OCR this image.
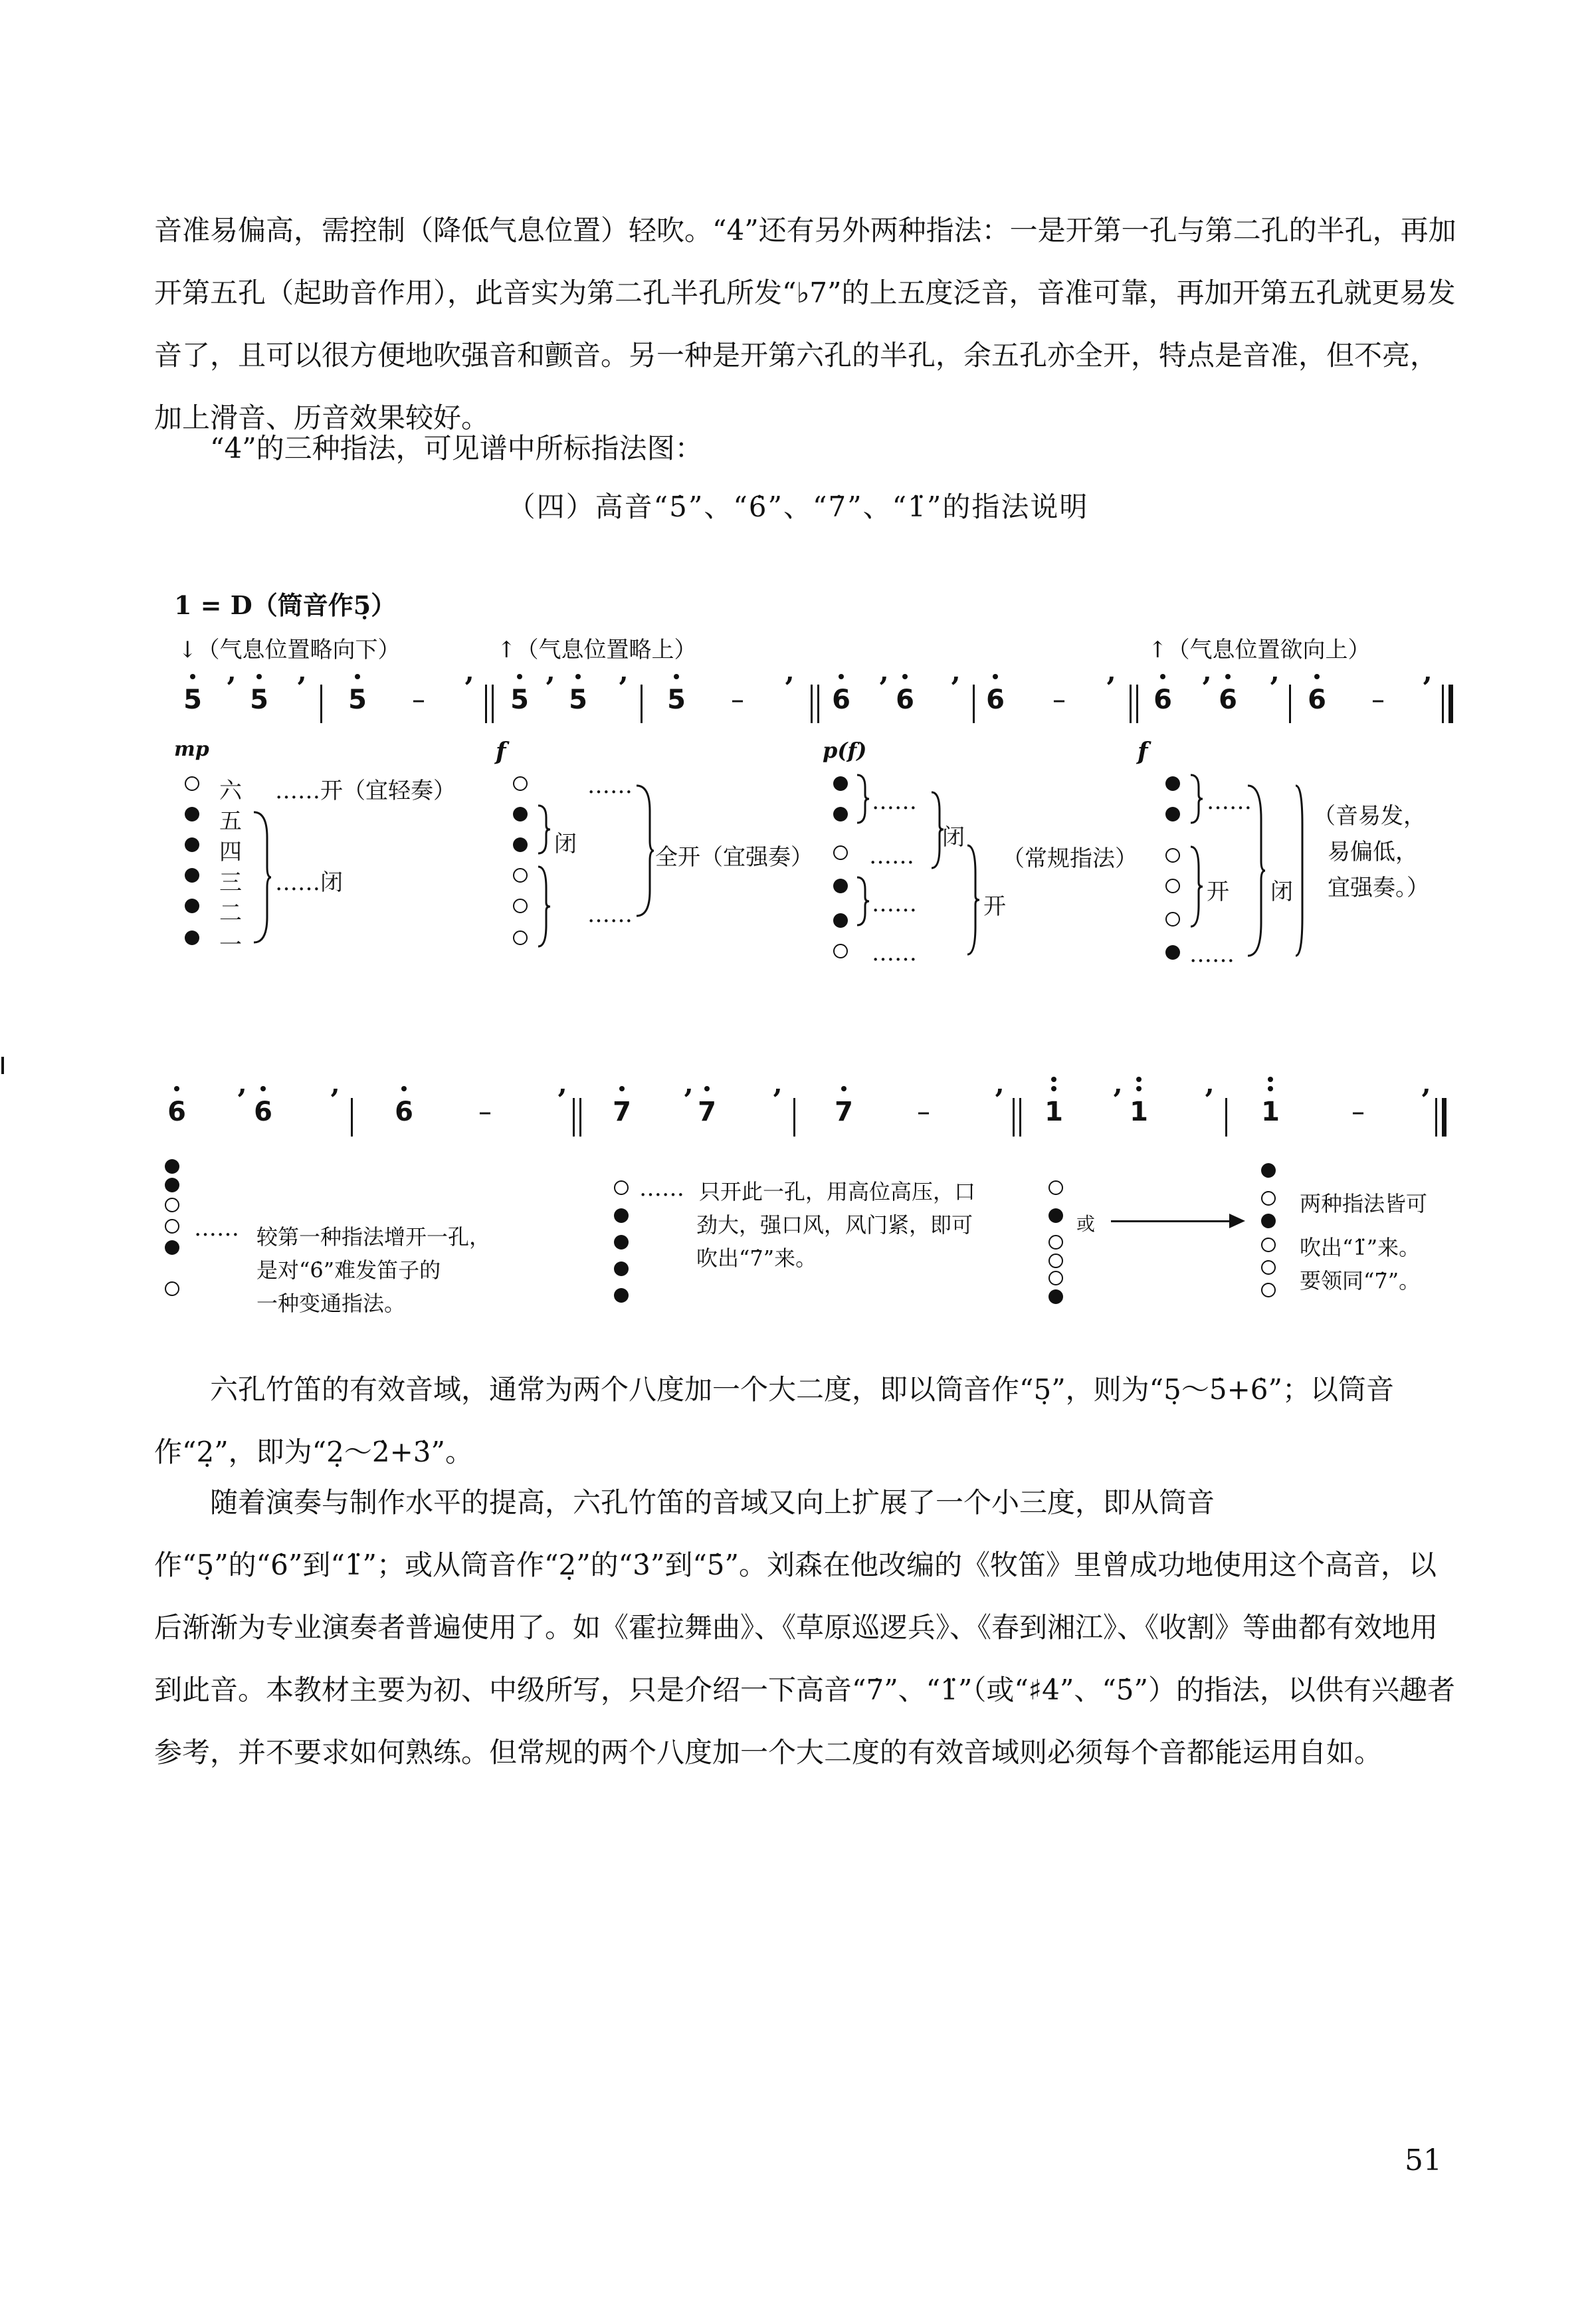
音准易偏高，需控制（降低气息位置）轻吹。“4̇”还有另外两种指法：一是开第一孔与第二孔的半孔，再加开第五孔（起助音作用），此音实为第二孔半孔所发“♭7”的上五度泛音，音准可靠，再加开第五孔就更易发音了，且可以很方便地吹强音和颤音。另一种是开第六孔的半孔，余五孔亦全开，特点是音准，但不亮，加上滑音、历音效果较好。

“4̇”的三种指法，可见谱中所标指法图：

（四）高音“5̇”、“6̇”、“7̇”、“1̈”的指法说明
1 = D（筒音作5̣）
↓（气息位置略向下）	↑（气息位置略上）	↑（气息位置欲向上）
5 ’ 5 ’ 5 – ’ 5 ’ 5 ’ 5 – ’ 6 ’ 6 ’ 6 – ’ 6 ’ 6 ’ 6 – ’
mp	f	p(f)	f
六
五
四
三
二
一
……开（宜轻奏）
……闭
……
闭
……
全开（宜强奏）
……
……
……
……
闭
开
（常规指法）
……
开
……
闭
（音易发，
易偏低，
宜强奏。）
6 ’ 6 ’ 6 – ’ 7 ’ 7 ’ 7 – ’ 1 ’ 1 ’ 1	– ’
…… 较第一种指法增开一孔，
是对“6̇”难发笛子的
一种变通指法。
…… 只开此一孔，用高位高压，口
劲大，强口风，风门紧，即可
吹出“7̇”来。
或
两种指法皆可
吹出“1̈”来。
要领同“7̇”。

六孔竹笛的有效音域，通常为两个八度加一个大二度，即以筒音作“5̣”，则为“5̣～5̇+6̇”；以筒音作“2̣”，即为“2̣～2̇+3̇”。

随着演奏与制作水平的提高，六孔竹笛的音域又向上扩展了一个小三度，即从筒音作“5̣”的“6̇”到“1̈”；或从筒音作“2̣”的“3̇”到“5̇”。刘森在他改编的《牧笛》里曾成功地使用这个高音，以后渐渐为专业演奏者普遍使用了。如《霍拉舞曲》、《草原巡逻兵》、《春到湘江》、《收割》等曲都有效地用到此音。本教材主要为初、中级所写，只是介绍一下高音“7̇”、“1̈”（或“♯4̇”、“5̇”）的指法，以供有兴趣者参考，并不要求如何熟练。但常规的两个八度加一个大二度的有效音域则必须每个音都能运用自如。

51
